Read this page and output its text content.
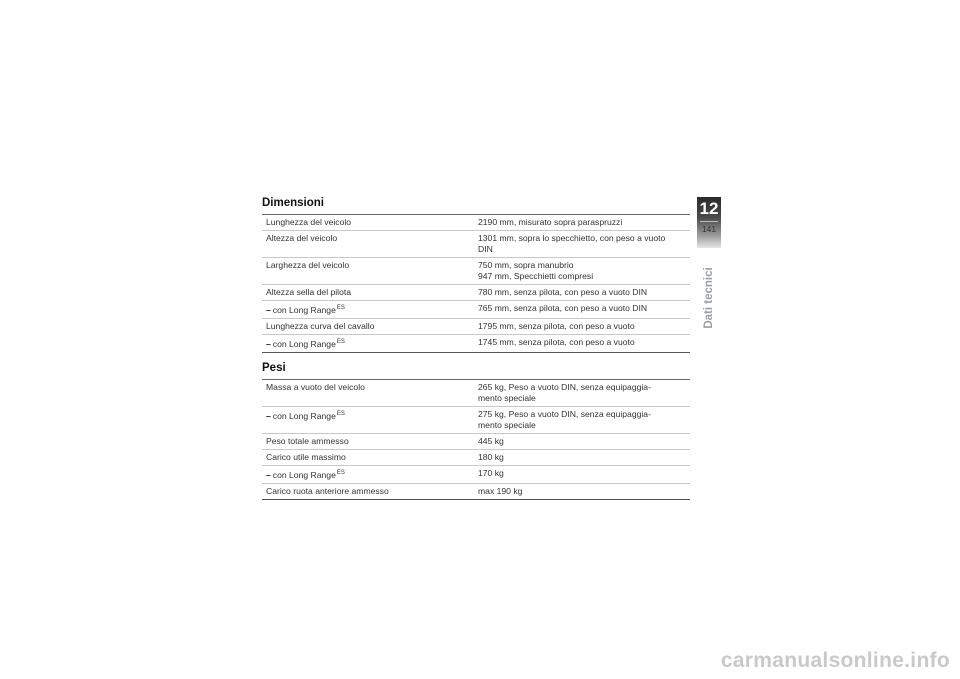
Dimensioni
Lunghezza del veicolo	2190 mm, misurato sopra paraspruzzi

Altezza del veicolo	1301 mm, sopra lo specchietto, con peso a vuoto
DIN

Larghezza del veicolo	750 mm, sopra manubrio
947 mm, Specchietti compresi

Altezza sella del pilota	780 mm, senza pilota, con peso a vuoto DIN

– con Long Range$^{ES}$	765 mm, senza pilota, con peso a vuoto DIN

Lunghezza curva del cavallo	1795 mm, senza pilota, con peso a vuoto

– con Long Range$^{ES}$	1745 mm, senza pilota, con peso a vuoto
Pesi
Massa a vuoto del veicolo	265 kg, Peso a vuoto DIN, senza equipaggia-
mento speciale

– con Long Range$^{ES}$	275 kg, Peso a vuoto DIN, senza equipaggia-
mento speciale

Peso totale ammesso	445 kg

Carico utile massimo	180 kg

– con Long Range$^{ES}$	170 kg

Carico ruota anteriore ammesso	max 190 kg
12
141
Dati tecnici
carmanualsonline.info
